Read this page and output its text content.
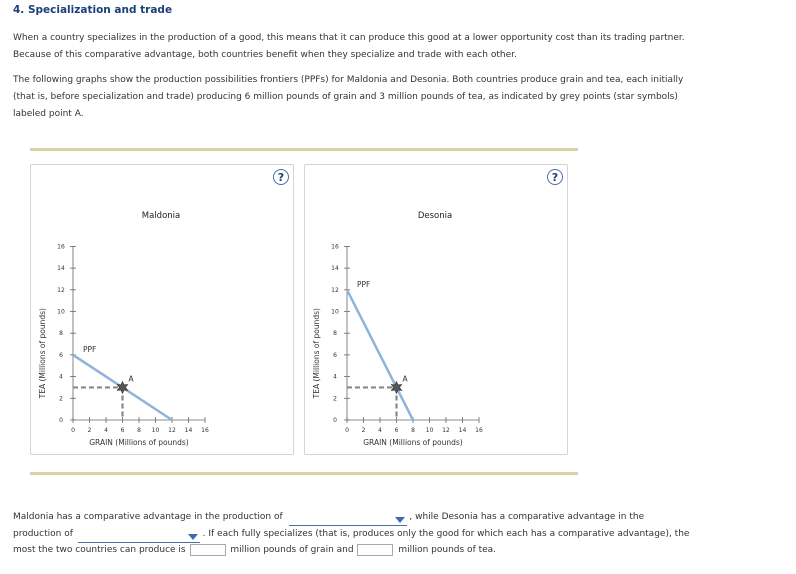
4. Specialization and trade
When a country specializes in the production of a good, this means that it can produce this good at a lower opportunity cost than its trading partner.
Because of this comparative advantage, both countries benefit when they specialize and trade with each other.
The following graphs show the production possibilities frontiers (PPFs) for Maldonia and Desonia. Both countries produce grain and tea, each initially
(that is, before specialization and trade) producing 6 million pounds of grain and 3 million pounds of tea, as indicated by grey points (star symbols)
labeled point A.
?
Maldonia
0 2 4 6 8 10 12 14 16
0
2
4
6
8
10
12
14
16
GRAIN (Millions of pounds)
TEA (Millions of pounds)	PPF
A
?
Desonia
0 2 4 6 8 10 12 14 16
0
2
4
6
8
10
12
14
16
GRAIN (Millions of pounds)
TEA (Millions of pounds)
PPF
A
Maldonia has a comparative advantage in the production of	, while Desonia has a comparative advantage in the
production of	. If each fully specializes (that is, produces only the good for which each has a comparative advantage), the
most the two countries can produce is	million pounds of grain and	million pounds of tea.
